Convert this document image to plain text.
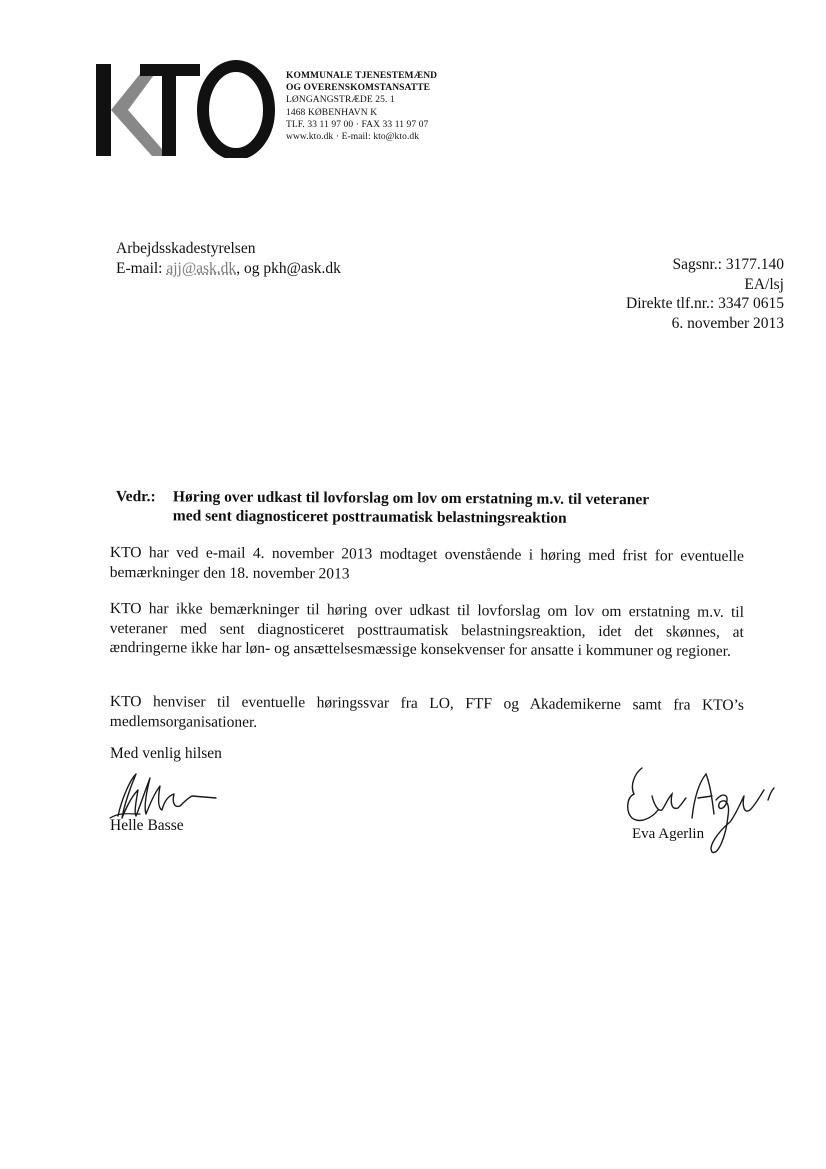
KOMMUNALE TJENESTEMÆND
OG OVERENSKOMSTANSATTE
LØNGANGSTRÆDE 25. 1
1468 KØBENHAVN K
TLF. 33 11 97 00 · FAX 33 11 97 07
www.kto.dk · E-mail: kto@kto.dk
Arbejdsskadestyrelsen
E-mail: ajj@ask.dk, og pkh@ask.dk	Sagsnr.: 3177.140
EA/lsj
Direkte tlf.nr.: 3347 0615
6. november 2013
Vedr.: Høring over udkast til lovforslag om lov om erstatning m.v. til veteraner
med sent diagnosticeret posttraumatisk belastningsreaktion
KTO har ved e-mail 4. november 2013 modtaget ovenstående i høring med frist for eventuelle bemærkninger den 18. november 2013
KTO har ikke bemærkninger til høring over udkast til lovforslag om lov om erstatning m.v. til veteraner med sent diagnosticeret posttraumatisk belastningsreaktion, idet det skønnes, at ændringerne ikke har løn- og ansættelsesmæssige konsekvenser for ansatte i kommuner og regioner.
KTO henviser til eventuelle høringssvar fra LO, FTF og Akademikerne samt fra KTO’s medlemsorganisationer.
Med venlig hilsen
Helle Basse	Eva Agerlin
